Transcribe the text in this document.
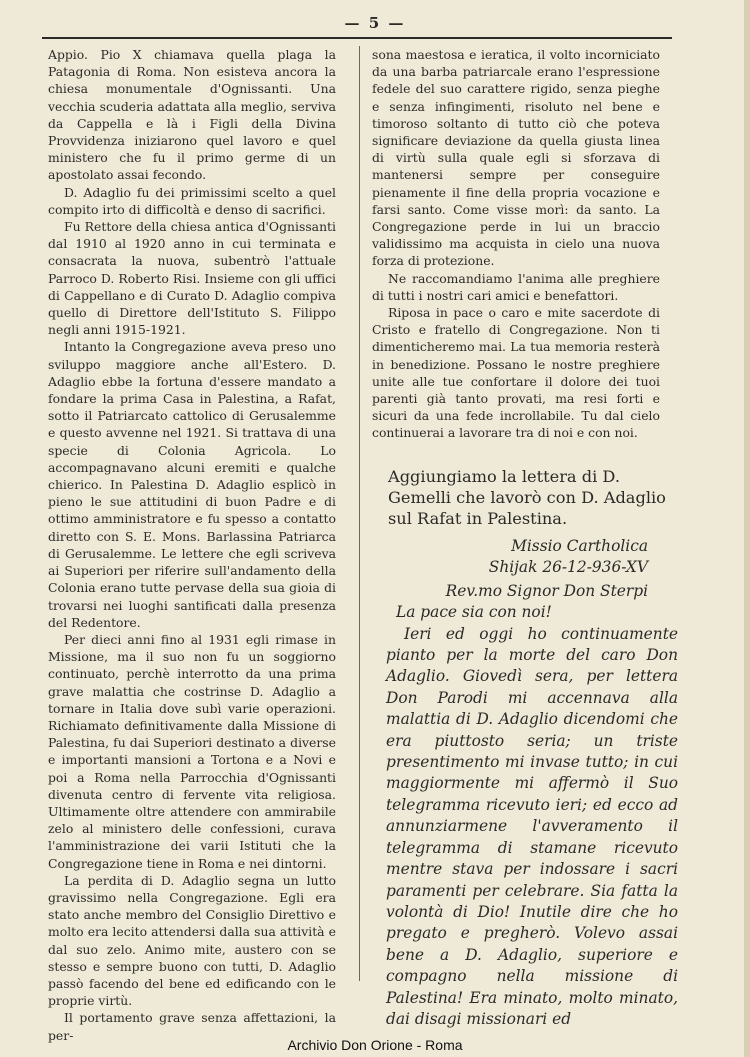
— 5 —

Appio. Pio X chiamava quella plaga la Patagonia di Roma. Non esisteva ancora la chiesa monumentale d'Ognissanti. Una vecchia scuderia adattata alla meglio, serviva da Cappella e là i Figli della Divina Provvidenza iniziarono quel lavoro e quel ministero che fu il primo germe di un apostolato assai fecondo.

D. Adaglio fu dei primissimi scelto a quel compito irto di difficoltà e denso di sacrifici.

Fu Rettore della chiesa antica d'Ognissanti dal 1910 al 1920 anno in cui terminata e consacrata la nuova, subentrò l'attuale Parroco D. Roberto Risi. Insieme con gli uffici di Cappellano e di Curato D. Adaglio compiva quello di Direttore dell'Istituto S. Filippo negli anni 1915-1921.

Intanto la Congregazione aveva preso uno sviluppo maggiore anche all'Estero. D. Adaglio ebbe la fortuna d'essere mandato a fondare la prima Casa in Palestina, a Rafat, sotto il Patriarcato cattolico di Gerusalemme e questo avvenne nel 1921. Si trattava di una specie di Colonia Agricola. Lo accompagnavano alcuni eremiti e qualche chierico. In Palestina D. Adaglio esplicò in pieno le sue attitudini di buon Padre e di ottimo amministratore e fu spesso a contatto diretto con S. E. Mons. Barlassina Patriarca di Gerusalemme. Le lettere che egli scriveva ai Superiori per riferire sull'andamento della Colonia erano tutte pervase della sua gioia di trovarsi nei luoghi santificati dalla presenza del Redentore.

Per dieci anni fino al 1931 egli rimase in Missione, ma il suo non fu un soggiorno continuato, perchè interrotto da una prima grave malattia che costrinse D. Adaglio a tornare in Italia dove subì varie operazioni. Richiamato definitivamente dalla Missione di Palestina, fu dai Superiori destinato a diverse e importanti mansioni a Tortona e a Novi e poi a Roma nella Parrocchia d'Ognissanti divenuta centro di fervente vita religiosa. Ultimamente oltre attendere con ammirabile zelo al ministero delle confessioni, curava l'amministrazione dei varii Istituti che la Congregazione tiene in Roma e nei dintorni.

La perdita di D. Adaglio segna un lutto gravissimo nella Congregazione. Egli era stato anche membro del Consiglio Direttivo e molto era lecito attendersi dalla sua attività e dal suo zelo. Animo mite, austero con se stesso e sempre buono con tutti, D. Adaglio passò facendo del bene ed edificando con le proprie virtù.

Il portamento grave senza affettazioni, la per-

sona maestosa e ieratica, il volto incorniciato da una barba patriarcale erano l'espressione fedele del suo carattere rigido, senza pieghe e senza infingimenti, risoluto nel bene e timoroso soltanto di tutto ciò che poteva significare deviazione da quella giusta linea di virtù sulla quale egli si sforzava di mantenersi sempre per conseguire pienamente il fine della propria vocazione e farsi santo. Come visse morì: da santo. La Congregazione perde in lui un braccio validissimo ma acquista in cielo una nuova forza di protezione.

Ne raccomandiamo l'anima alle preghiere di tutti i nostri cari amici e benefattori.

Riposa in pace o caro e mite sacerdote di Cristo e fratello di Congregazione. Non ti dimenticheremo mai. La tua memoria resterà in benedizione. Possano le nostre preghiere unite alle tue confortare il dolore dei tuoi parenti già tanto provati, ma resi forti e sicuri da una fede incrollabile. Tu dal cielo continuerai a lavorare tra di noi e con noi.

Aggiungiamo la lettera di D. Gemelli che lavorò con D. Adaglio sul Rafat in Palestina.
Missio Cartholica
Shijak 26-12-936-XV
Rev.mo Signor Don Sterpi

La pace sia con noi!

Ieri ed oggi ho continuamente pianto per la morte del caro Don Adaglio. Giovedì sera, per lettera Don Parodi mi accennava alla malattia di D. Adaglio dicendomi che era piuttosto seria; un triste presentimento mi invase tutto; in cui maggiormente mi affermò il Suo telegramma ricevuto ieri; ed ecco ad annunziarmene l'avveramento il telegramma di stamane ricevuto mentre stava per indossare i sacri paramenti per celebrare. Sia fatta la volontà di Dio! Inutile dire che ho pregato e pregherò. Volevo assai bene a D. Adaglio, superiore e compagno nella missione di Palestina! Era minato, molto minato, dai disagi missionari ed

Archivio Don Orione - Roma
